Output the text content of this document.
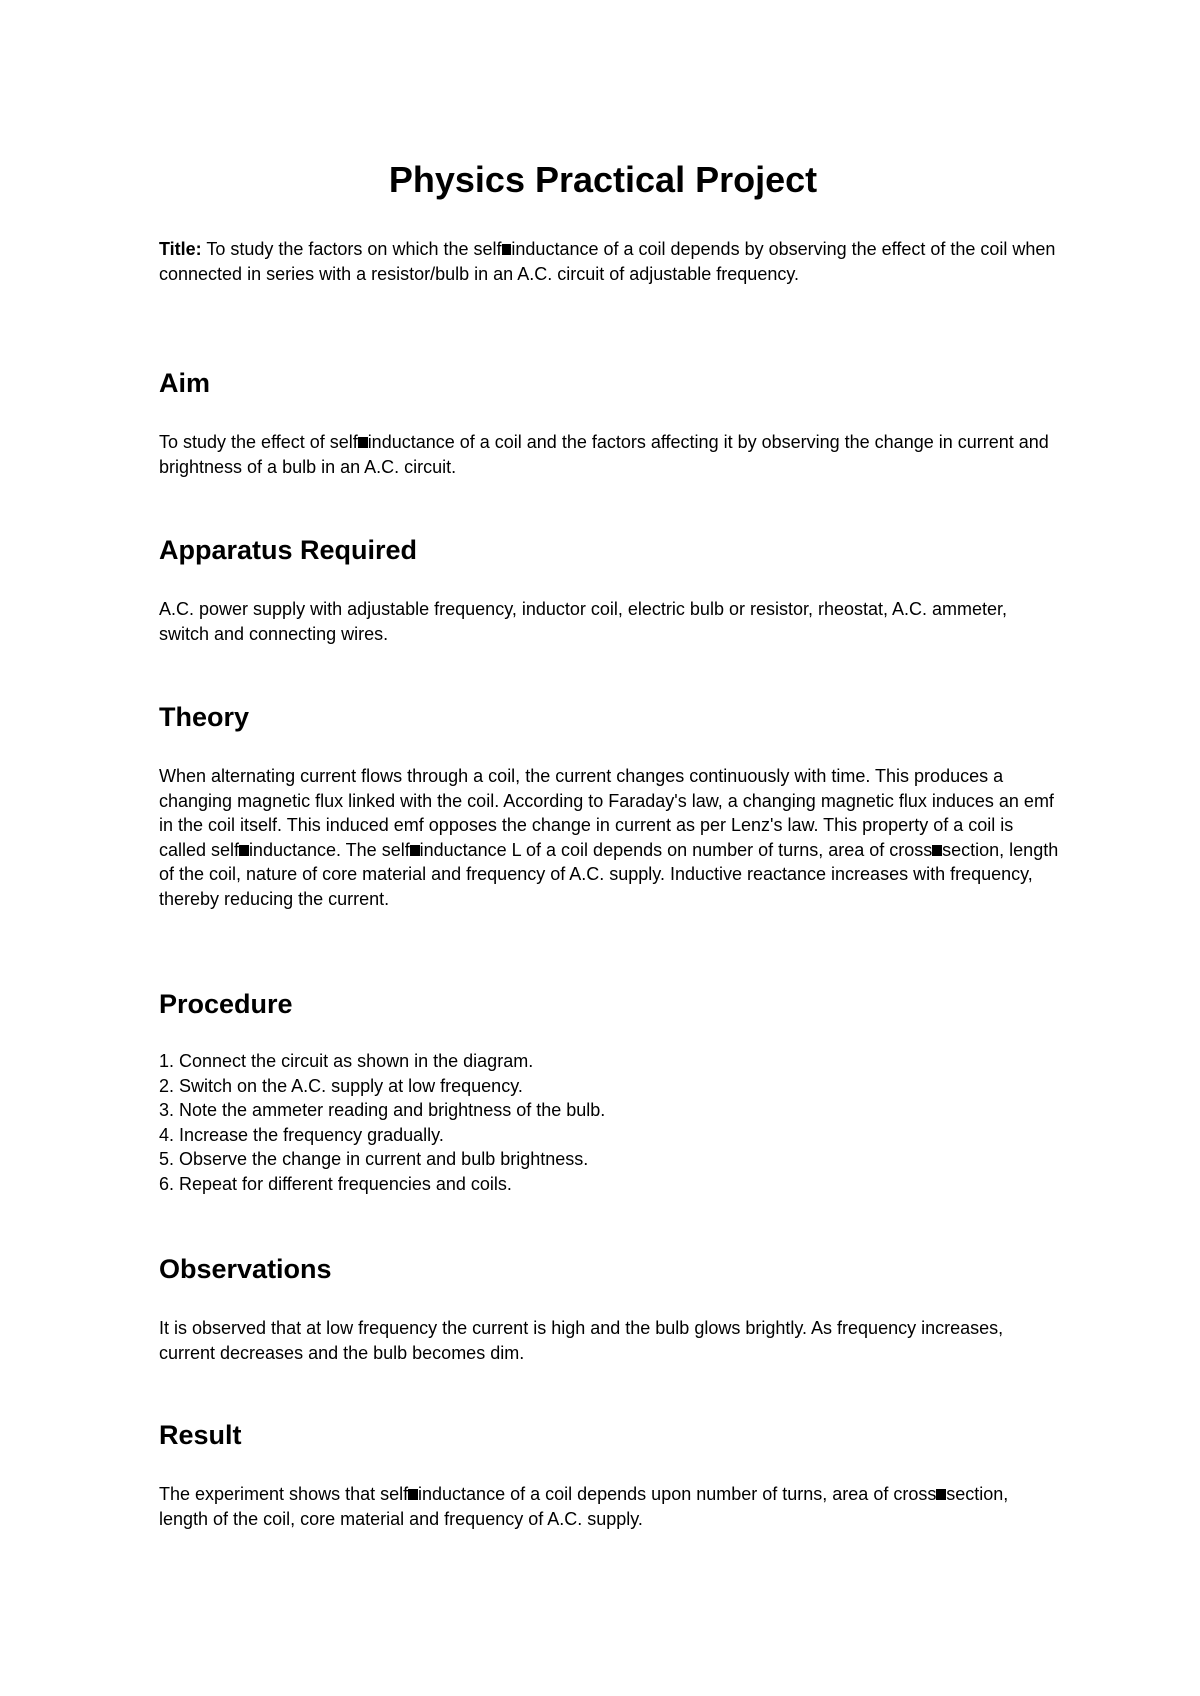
Physics Practical Project

Title: To study the factors on which the self inductance of a coil depends by observing the effect of the coil when connected in series with a resistor/bulb in an A.C. circuit of adjustable frequency.

Aim

To study the effect of self inductance of a coil and the factors affecting it by observing the change in current and brightness of a bulb in an A.C. circuit.

Apparatus Required

A.C. power supply with adjustable frequency, inductor coil, electric bulb or resistor, rheostat, A.C. ammeter, switch and connecting wires.

Theory

When alternating current flows through a coil, the current changes continuously with time. This produces a changing magnetic flux linked with the coil. According to Faraday's law, a changing magnetic flux induces an emf in the coil itself. This induced emf opposes the change in current as per Lenz's law. This property of a coil is called self inductance. The self inductance L of a coil depends on number of turns, area of cross section, length of the coil, nature of core material and frequency of A.C. supply. Inductive reactance increases with frequency, thereby reducing the current.

Procedure
1. Connect the circuit as shown in the diagram.
2. Switch on the A.C. supply at low frequency.
3. Note the ammeter reading and brightness of the bulb.
4. Increase the frequency gradually.
5. Observe the change in current and bulb brightness.
6. Repeat for different frequencies and coils.
Observations

It is observed that at low frequency the current is high and the bulb glows brightly. As frequency increases, current decreases and the bulb becomes dim.

Result

The experiment shows that self inductance of a coil depends upon number of turns, area of cross section, length of the coil, core material and frequency of A.C. supply.
